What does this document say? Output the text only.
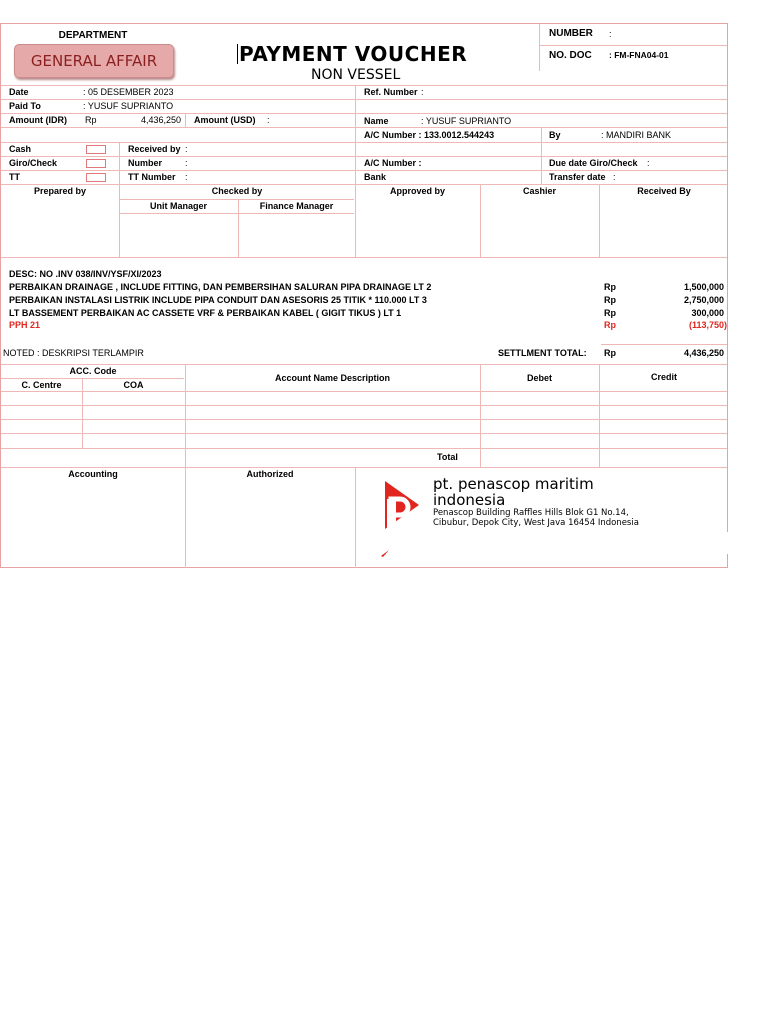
DEPARTMENT
GENERAL AFFAIR	PAYMENT VOUCHER
NON VESSEL
NUMBER :
NO. DOC : FM-FNA04-01
Date	: 05 DESEMBER 2023	Ref. Number :
Paid To	: YUSUF SUPRIANTO
Amount (IDR) Rp	4,436,250 Amount (USD) :	Name	: YUSUF SUPRIANTO
A/C Number : 133.0012.544243	By	: MANDIRI BANK
Cash	Received by :
Giro/Check	Number	:	A/C Number :	Due date Giro/Check :
TT	TT Number :	Bank	Transfer date :
Prepared by	Checked by
Unit Manager	Finance Manager
Approved by	Cashier	Received By
DESC: NO .INV 038/INV/YSF/XI/2023
PERBAIKAN DRAINAGE , INCLUDE FITTING, DAN PEMBERSIHAN SALURAN PIPA DRAINAGE LT 2	Rp	1,500,000
PERBAIKAN INSTALASI LISTRIK INCLUDE PIPA CONDUIT DAN ASESORIS 25 TITIK * 110.000 LT 3	Rp	2,750,000
LT BASSEMENT PERBAIKAN AC CASSETE VRF & PERBAIKAN KABEL ( GIGIT TIKUS ) LT 1	Rp	300,000
PPH 21	Rp	(113,750)
NOTED : DESKRIPSI TERLAMPIR	SETTLMENT TOTAL: Rp	4,436,250
ACC. Code
C. Centre	COA
Account Name Description	Debet	Credit
Total
Accounting	Authorized
pt. penascop maritim indonesia
Penascop Building Raffles Hills Blok G1 No.14,
Cibubur, Depok City, West Java 16454 Indonesia
